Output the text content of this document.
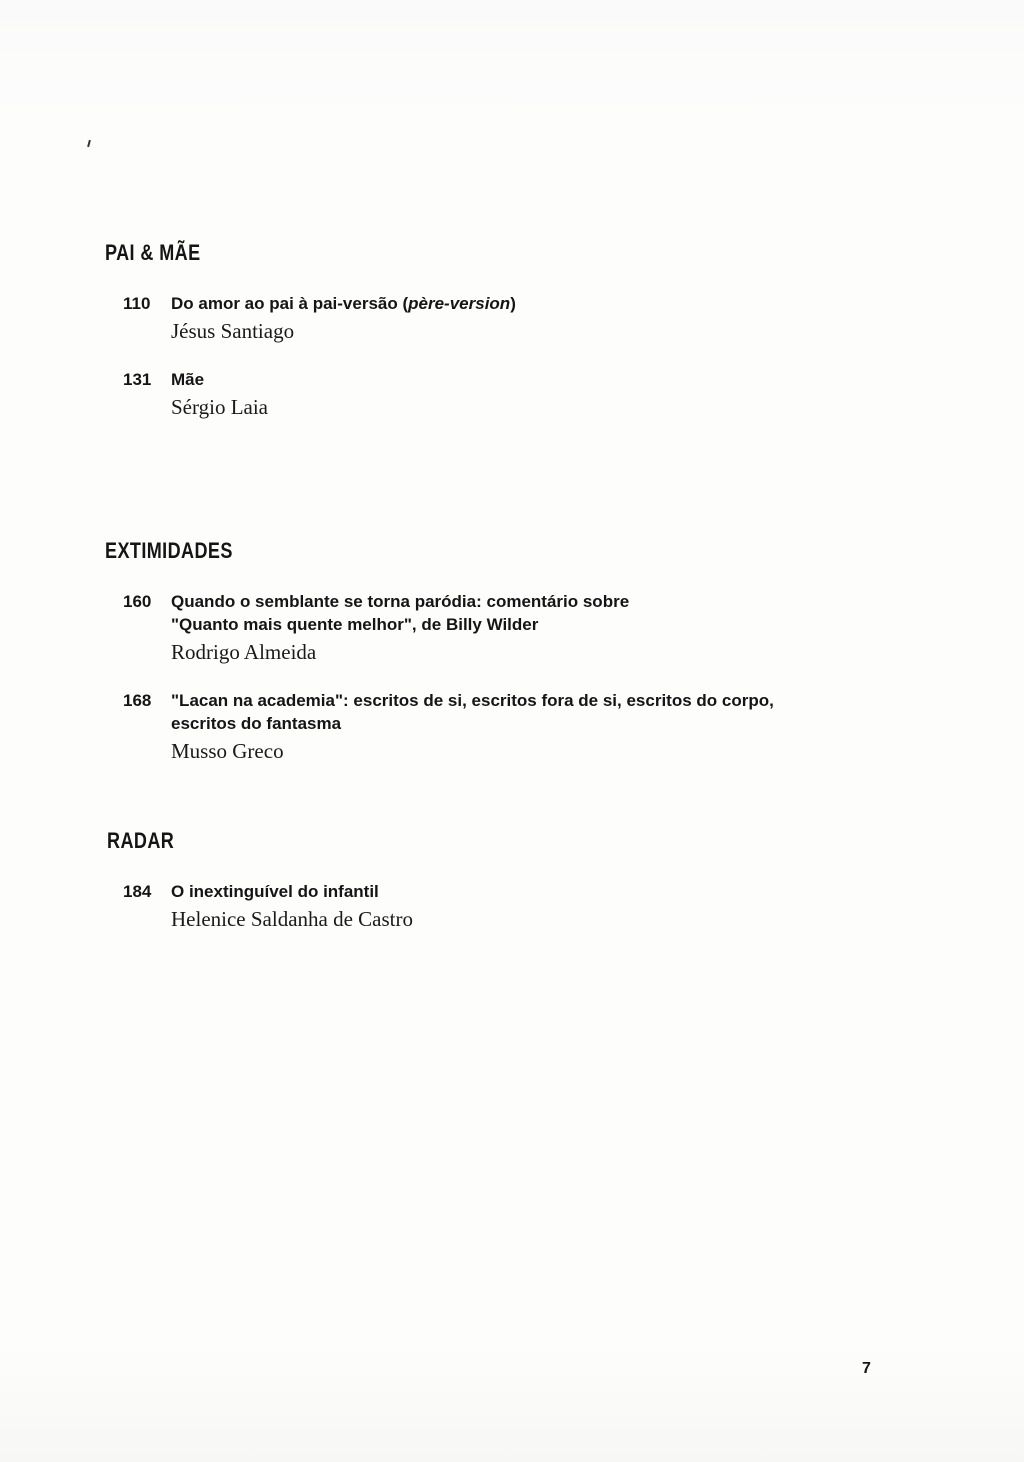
PAI & MÃE
110 Do amor ao pai à pai-versão (père-version)

Jésus Santiago

131 Mãe

Sérgio Laia

EXTIMIDADES
160 Quando o semblante se torna paródia: comentário sobre

"Quanto mais quente melhor", de Billy Wilder

Rodrigo Almeida

168 "Lacan na academia": escritos de si, escritos fora de si, escritos do corpo,

escritos do fantasma

Musso Greco

RADAR
184 O inextinguível do infantil

Helenice Saldanha de Castro

7
